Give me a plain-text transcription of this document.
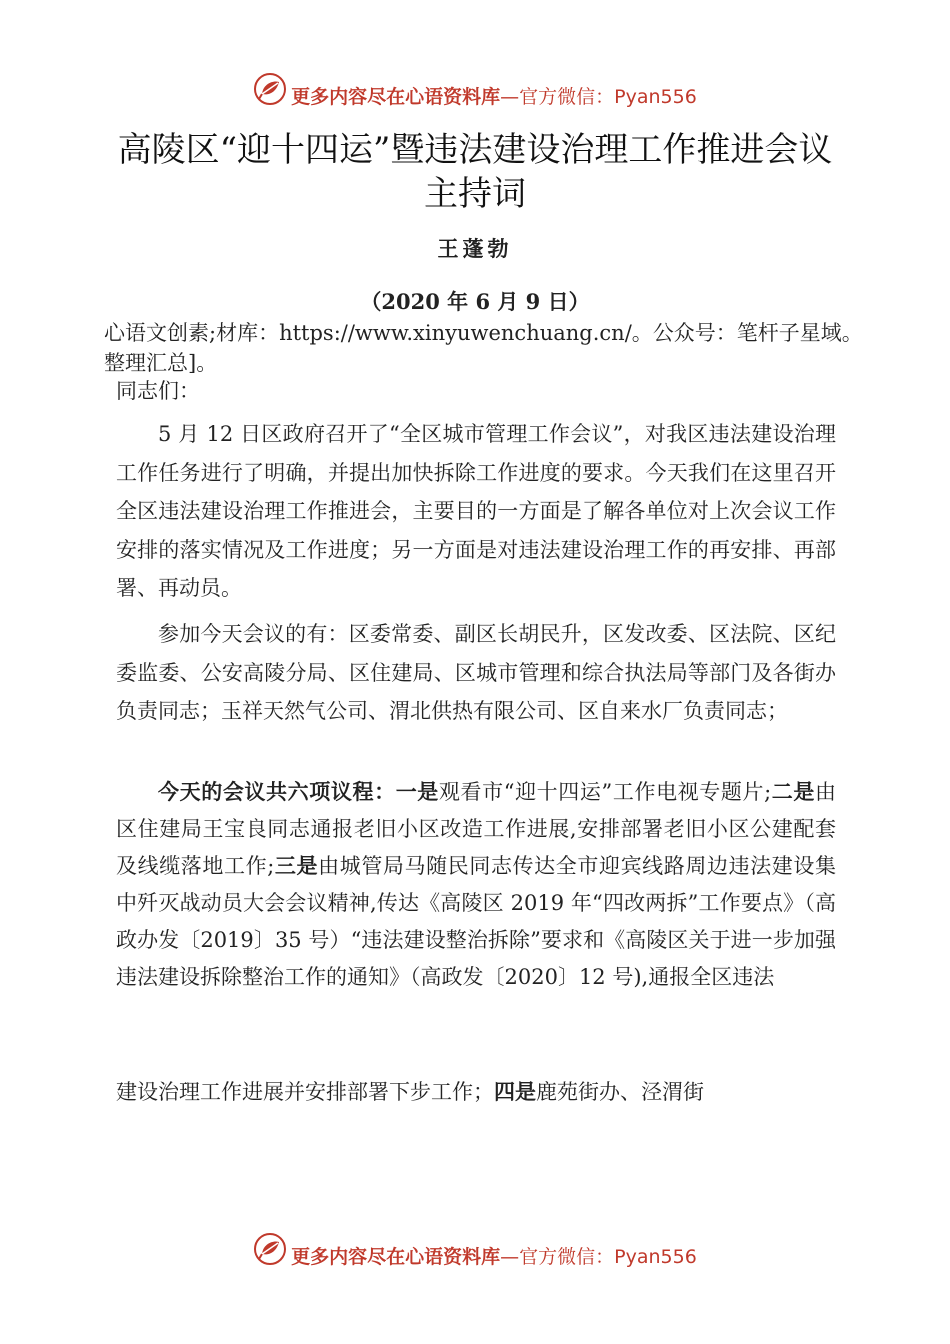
更多内容尽在心语资料库—官方微信：Pyan556
高陵区“迎十四运”暨违法建设治理工作推进会议主持词
王蓬勃
（2020 年 6 月 9 日）
心语文创素;材库：https://www.xinyuwenchuang.cn/。公众号：笔杆子星域。整理汇总]。
同志们：
5 月 12 日区政府召开了“全区城市管理工作会议”，对我区违法建设治理工作任务进行了明确，并提出加快拆除工作进度的要求。今天我们在这里召开全区违法建设治理工作推进会，主要目的一方面是了解各单位对上次会议工作安排的落实情况及工作进度；另一方面是对违法建设治理工作的再安排、再部署、再动员。
参加今天会议的有：区委常委、副区长胡民升，区发改委、区法院、区纪委监委、公安高陵分局、区住建局、区城市管理和综合执法局等部门及各街办负责同志；玉祥天然气公司、渭北供热有限公司、区自来水厂负责同志；
今天的会议共六项议程：一是观看市“迎十四运”工作电视专题片;二是由区住建局王宝良同志通报老旧小区改造工作进展,安排部署老旧小区公建配套及线缆落地工作;三是由城管局马随民同志传达全市迎宾线路周边违法建设集中歼灭战动员大会会议精神,传达《高陵区 2019 年“四改两拆”工作要点》（高政办发〔2019〕35 号）“违法建设整治拆除”要求和《高陵区关于进一步加强违法建设拆除整治工作的通知》（高政发〔2020〕12 号),通报全区违法
建设治理工作进展并安排部署下步工作；四是鹿苑街办、泾渭街
更多内容尽在心语资料库—官方微信：Pyan556
